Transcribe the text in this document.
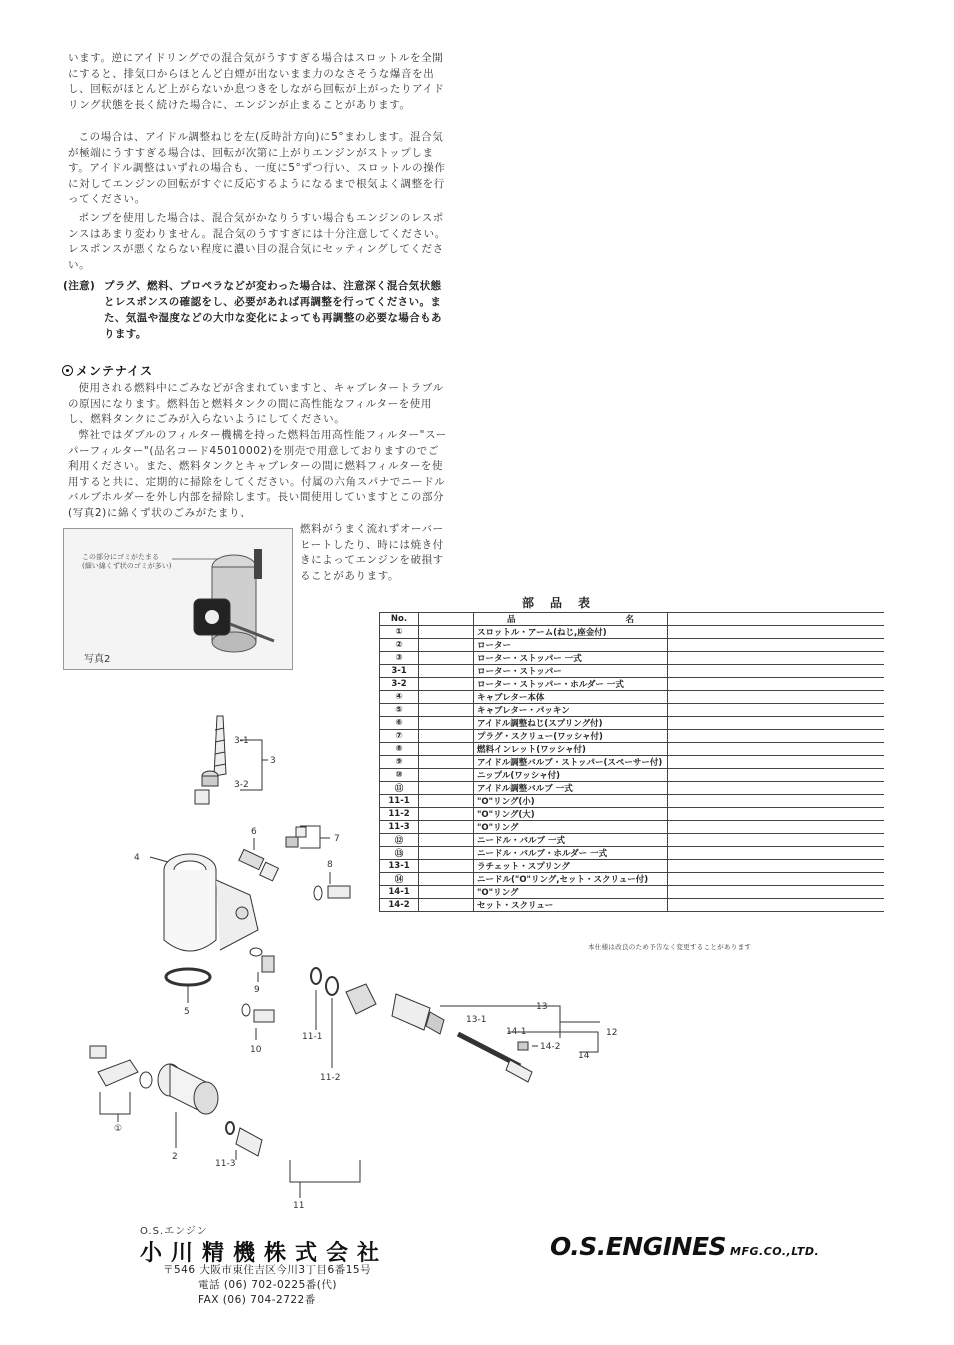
います。逆にアイドリングでの混合気がうすすぎる場合はスロットルを全開にすると、排気口からほとんど白煙が出ないまま力のなさそうな爆音を出し、回転がほとんど上がらないか息つきをしながら回転が上がったりアイドリング状態を長く続けた場合に、エンジンが止まることがあります。

この場合は、アイドル調整ねじを左(反時計方向)に5°まわします。混合気が極端にうすすぎる場合は、回転が次第に上がりエンジンがストップします。アイドル調整はいずれの場合も、一度に5°ずつ行い、スロットルの操作に対してエンジンの回転がすぐに反応するようになるまで根気よく調整を行ってください。

ポンプを使用した場合は、混合気がかなりうすい場合もエンジンのレスポンスはあまり変わりません。混合気のうすすぎには十分注意してください。レスポンスが悪くならない程度に濃い目の混合気にセッティングしてください。

(注意) プラグ、燃料、プロペラなどが変わった場合は、注意深く混合気状態とレスポンスの確認をし、必要があれば再調整を行ってください。また、気温や湿度などの大巾な変化によっても再調整の必要な場合もあります。
メンテナイス

使用される燃料中にごみなどが含まれていますと、キャブレタートラブルの原因になります。燃料缶と燃料タンクの間に高性能なフィルターを使用し、燃料タンクにごみが入らないようにしてください。

弊社ではダブルのフィルター機構を持った燃料缶用高性能フィルター"スーパーフィルター"(品名コード45010002)を別売で用意しておりますのでご利用ください。また、燃料タンクとキャブレターの間に燃料フィルターを使用すると共に、定期的に掃除をしてください。付属の六角スパナでニードルバルブホルダーを外し内部を掃除します。長い間使用していますとこの部分(写真2)に綿くず状のごみがたまり、

燃料がうまく流れずオーバーヒートしたり、時には焼き付きによってエンジンを破損することがあります。

この部分にゴミがたまる
(細い綿くず状のゴミが多い)
写真2
部品表
No.		品 名	
①		スロットル・アーム(ねじ,座金付)	
②		ローター	
③		ローター・ストッパー 一式	
3-1		ローター・ストッパー	
3-2		ローター・ストッパー・ホルダー 一式	
④		キャブレター本体	
⑤		キャブレター・パッキン	
⑥		アイドル調整ねじ(スプリング付)	
⑦		プラグ・スクリュー(ワッシャ付)	
⑧		燃料インレット(ワッシャ付)	
⑨		アイドル調整バルブ・ストッパー(スペーサー付)	
⑩		ニップル(ワッシャ付)	
⑪		アイドル調整バルブ 一式	
11-1		"O"リング(小)	
11-2		"O"リング(大)	
11-3		"O"リング	
⑫		ニードル・バルブ 一式	
⑬		ニードル・バルブ・ホルダー 一式	
13-1		ラチェット・スプリング	
⑭		ニードル("O"リング,セット・スクリュー付)	
14-1		"O"リング	
14-2		セット・スクリュー	
本仕様は改良のため予告なく変更することがあります
3-1
3
3-2
4
6
7
8
5
9
10
11-1
11-2
11-3
11
①
2
13
13-1
14-1
14-2
14
12
O.S.エンジン
小川精機株式会社
〒546 大阪市東住吉区今川3丁目6番15号
電話 (06) 702-0225番(代)
FAX (06) 704-2722番
O.S.ENGINES MFG.CO.,LTD.
